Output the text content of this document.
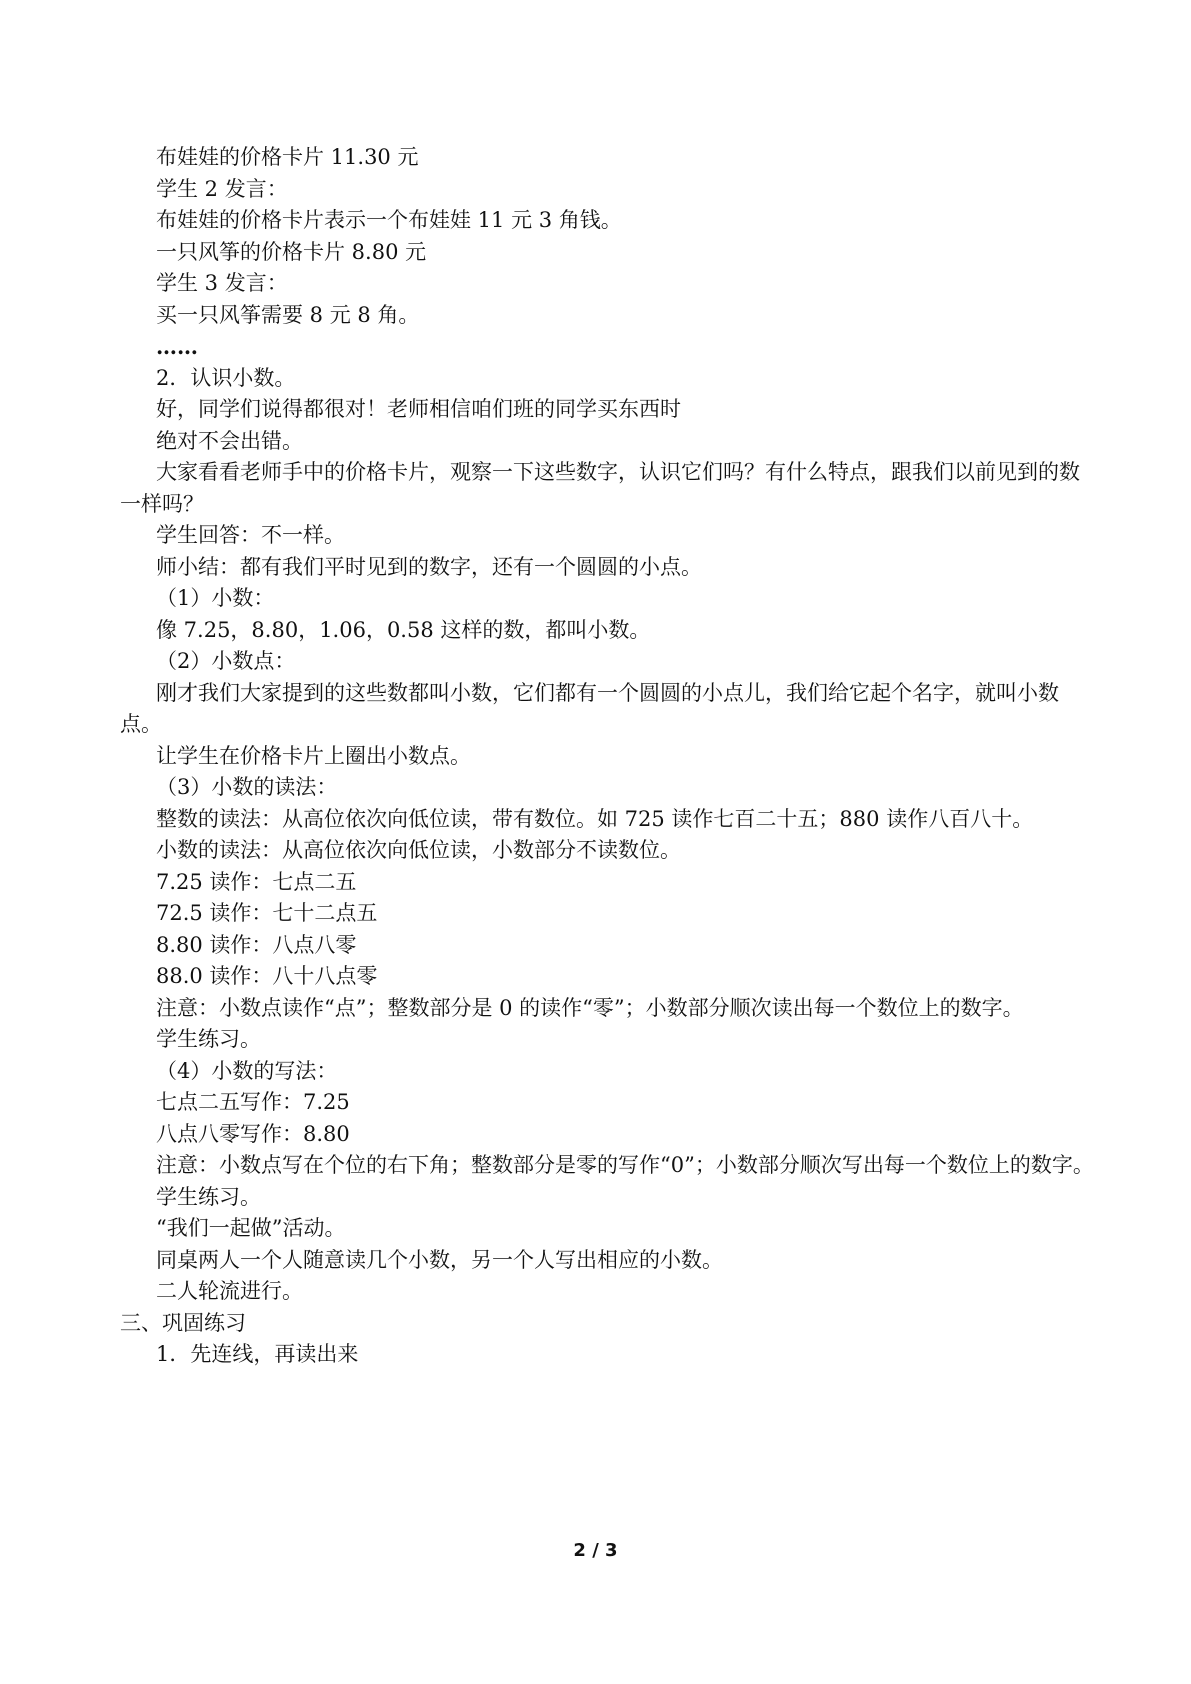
布娃娃的价格卡片 11.30 元

学生 2 发言：

布娃娃的价格卡片表示一个布娃娃 11 元 3 角钱。

一只风筝的价格卡片 8.80 元

学生 3 发言：

买一只风筝需要 8 元 8 角。

……

2．认识小数。

好，同学们说得都很对！老师相信咱们班的同学买东西时

绝对不会出错。

大家看看老师手中的价格卡片，观察一下这些数字，认识它们吗？有什么特点，跟我们以前见到的数一样吗？

学生回答：不一样。

师小结：都有我们平时见到的数字，还有一个圆圆的小点。

（1）小数：

像 7.25，8.80，1.06，0.58 这样的数，都叫小数。

（2）小数点：

刚才我们大家提到的这些数都叫小数，它们都有一个圆圆的小点儿，我们给它起个名字，就叫小数点。

让学生在价格卡片上圈出小数点。

（3）小数的读法：

整数的读法：从高位依次向低位读，带有数位。如 725 读作七百二十五；880 读作八百八十。

小数的读法：从高位依次向低位读，小数部分不读数位。

7.25 读作：七点二五

72.5 读作：七十二点五

8.80 读作：八点八零

88.0 读作：八十八点零

注意：小数点读作“点”；整数部分是 0 的读作“零”；小数部分顺次读出每一个数位上的数字。

学生练习。

（4）小数的写法：

七点二五写作：7.25

八点八零写作：8.80

注意：小数点写在个位的右下角；整数部分是零的写作“0”；小数部分顺次写出每一个数位上的数字。

学生练习。

“我们一起做”活动。

同桌两人一个人随意读几个小数，另一个人写出相应的小数。

二人轮流进行。

三、巩固练习

1．先连线，再读出来

2 / 3
